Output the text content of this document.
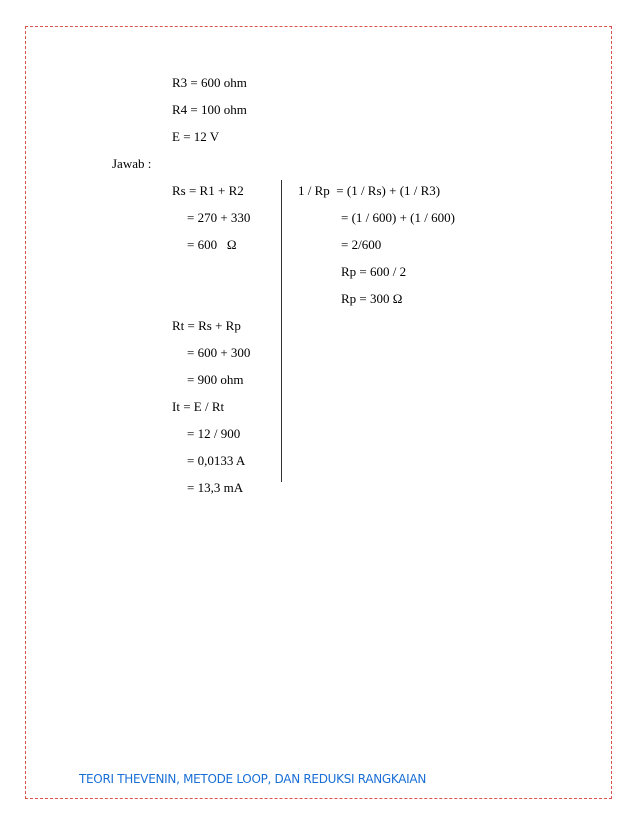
R3 = 600 ohm
R4 = 100 ohm
E = 12 V
Jawab :
Rs = R1 + R2
= 270 + 330
= 600   Ω
1 / Rp  = (1 / Rs) + (1 / R3)
= (1 / 600) + (1 / 600)
= 2/600
Rp = 600 / 2
Rp = 300 Ω
Rt = Rs + Rp
= 600 + 300
= 900 ohm
It = E / Rt
= 12 / 900
= 0,0133 A
= 13,3 mA
TEORI THEVENIN, METODE LOOP, DAN REDUKSI RANGKAIAN
